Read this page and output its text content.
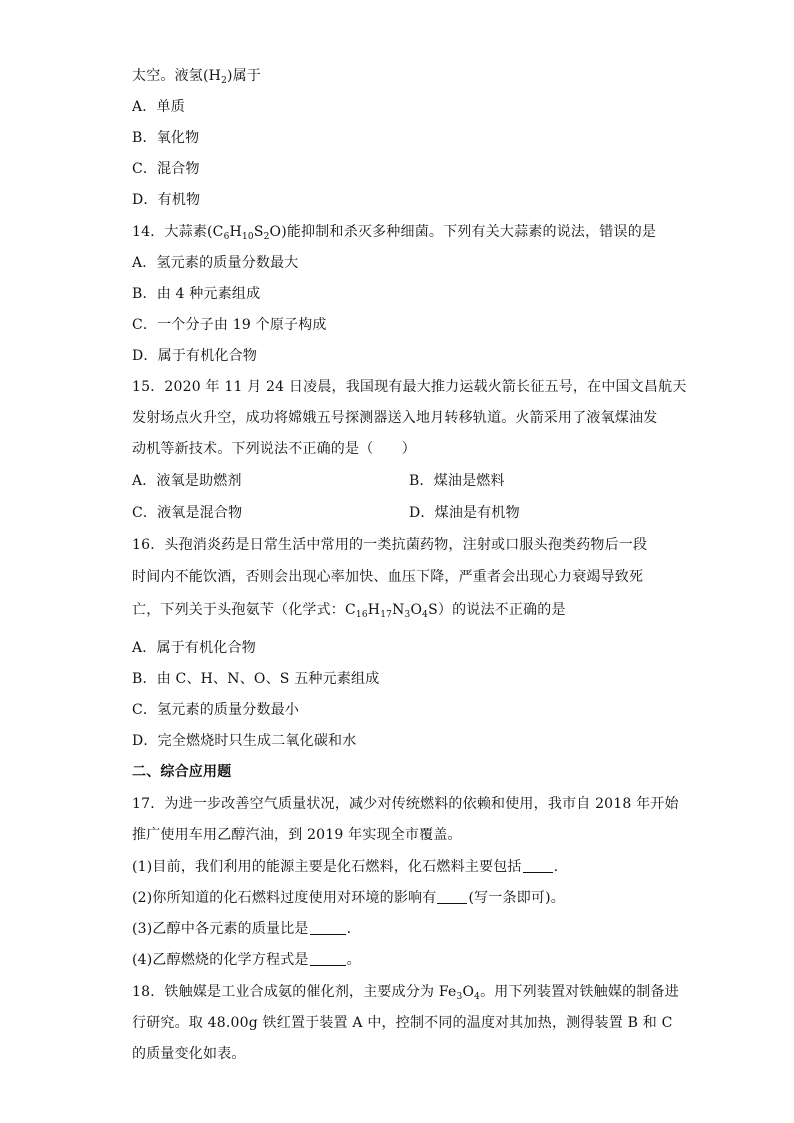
太空。液氢$(H_2)$属于
A．单质
B．氧化物
C．混合物
D．有机物
14．大蒜素$(C_6H_{10}S_2O)$能抑制和杀灭多种细菌。下列有关大蒜素的说法，错误的是
A．氢元素的质量分数最大
B．由 4 种元素组成
C．一个分子由 19 个原子构成
D．属于有机化合物
15．2020 年 11 月 24 日凌晨，我国现有最大推力运载火箭长征五号，在中国文昌航天
发射场点火升空，成功将嫦娥五号探测器送入地月转移轨道。火箭采用了液氧煤油发
动机等新技术。下列说法不正确的是（　　）
A．液氧是助燃剂	B．煤油是燃料
C．液氧是混合物	D．煤油是有机物
16．头孢消炎药是日常生活中常用的一类抗菌药物，注射或口服头孢类药物后一段
时间内不能饮酒，否则会出现心率加快、血压下降，严重者会出现心力衰竭导致死
亡，下列关于头孢氨苄（化学式：$C_{16}H_{17}N_3O_4S$）的说法不正确的是
A．属于有机化合物
B．由 C、H、N、O、S 五种元素组成
C．氢元素的质量分数最小
D．完全燃烧时只生成二氧化碳和水
二、综合应用题
17．为进一步改善空气质量状况，减少对传统燃料的依赖和使用，我市自 2018 年开始
推广使用车用乙醇汽油，到 2019 年实现全市覆盖。
(1)目前，我们利用的能源主要是化石燃料，化石燃料主要包括 .
(2)你所知道的化石燃料过度使用对环境的影响有 (写一条即可)。
(3)乙醇中各元素的质量比是	.
(4)乙醇燃烧的化学方程式是	。
18．铁触媒是工业合成氨的催化剂，主要成分为 $Fe_3O_4$。用下列装置对铁触媒的制备进
行研究。取 48.00g 铁红置于装置 A 中，控制不同的温度对其加热，测得装置 B 和 C
的质量变化如表。
